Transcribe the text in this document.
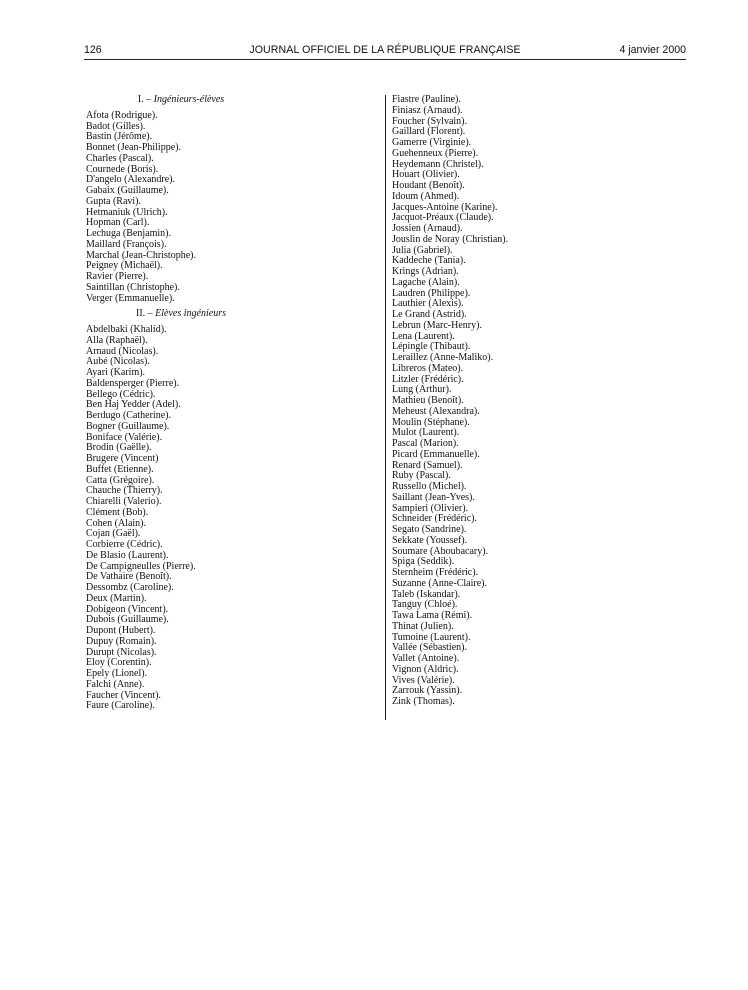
126	JOURNAL OFFICIEL DE LA RÉPUBLIQUE FRANÇAISE	4 janvier 2000
I. – Ingénieurs-élèves
Afota (Rodrigue).
Badot (Gilles).
Bastin (Jérôme).
Bonnet (Jean-Philippe).
Charles (Pascal).
Cournede (Boris).
D'angelo (Alexandre).
Gabaix (Guillaume).
Gupta (Ravi).
Hetmaniuk (Ulrich).
Hopman (Carl).
Lechuga (Benjamin).
Maillard (François).
Marchal (Jean-Christophe).
Peigney (Michaël).
Ravier (Pierre).
Saintillan (Christophe).
Verger (Emmanuelle).
II. – Elèves ingénieurs
Abdelbaki (Khalid).
Alla (Raphaël).
Arnaud (Nicolas).
Aubé (Nicolas).
Ayari (Karim).
Baldensperger (Pierre).
Bellego (Cédric).
Ben Haj Yedder (Adel).
Berdugo (Catherine).
Bogner (Guillaume).
Boniface (Valérie).
Brodin (Gaëlle).
Brugere (Vincent)
Buffet (Etienne).
Catta (Grégoire).
Chauche (Thierry).
Chiarelli (Valerio).
Clément (Bob).
Cohen (Alain).
Cojan (Gaël).
Corbierre (Cédric).
De Blasio (Laurent).
De Campigneulles (Pierre).
De Vathaire (Benoît).
Dessombz (Caroline).
Deux (Martin).
Dobigeon (Vincent).
Dubois (Guillaume).
Dupont (Hubert).
Dupuy (Romain).
Durupt (Nicolas).
Eloy (Corentin).
Epely (Lionel).
Falchi (Anne).
Faucher (Vincent).
Faure (Caroline).
Fiastre (Pauline).
Finiasz (Arnaud).
Foucher (Sylvain).
Gaillard (Florent).
Gamerre (Virginie).
Guehenneux (Pierre).
Heydemann (Christel).
Houart (Olivier).
Houdant (Benoît).
Idoum (Ahmed).
Jacques-Antoine (Karine).
Jacquot-Préaux (Claude).
Jossien (Arnaud).
Jouslin de Noray (Christian).
Julia (Gabriel).
Kaddeche (Tania).
Krings (Adrian).
Lagache (Alain).
Laudren (Philippe).
Lauthier (Alexis).
Le Grand (Astrid).
Lebrun (Marc-Henry).
Lena (Laurent).
Lépingle (Thibaut).
Leraillez (Anne-Maliko).
Libreros (Mateo).
Litzler (Frédéric).
Lung (Arthur).
Mathieu (Benoît).
Meheust (Alexandra).
Moulin (Stéphane).
Mulot (Laurent).
Pascal (Marion).
Picard (Emmanuelle).
Renard (Samuel).
Ruby (Pascal).
Russello (Michel).
Saillant (Jean-Yves).
Sampieri (Olivier).
Schneider (Frédéric).
Segato (Sandrine).
Sekkate (Youssef).
Soumare (Aboubacary).
Spiga (Seddik).
Sternheim (Frédéric).
Suzanne (Anne-Claire).
Taleb (Iskandar).
Tanguy (Chloé).
Tawa Lama (Rémi).
Thinat (Julien).
Tumoine (Laurent).
Vallée (Sébastien).
Vallet (Antoine).
Vignon (Aldric).
Vives (Valérie).
Zarrouk (Yassin).
Zink (Thomas).
